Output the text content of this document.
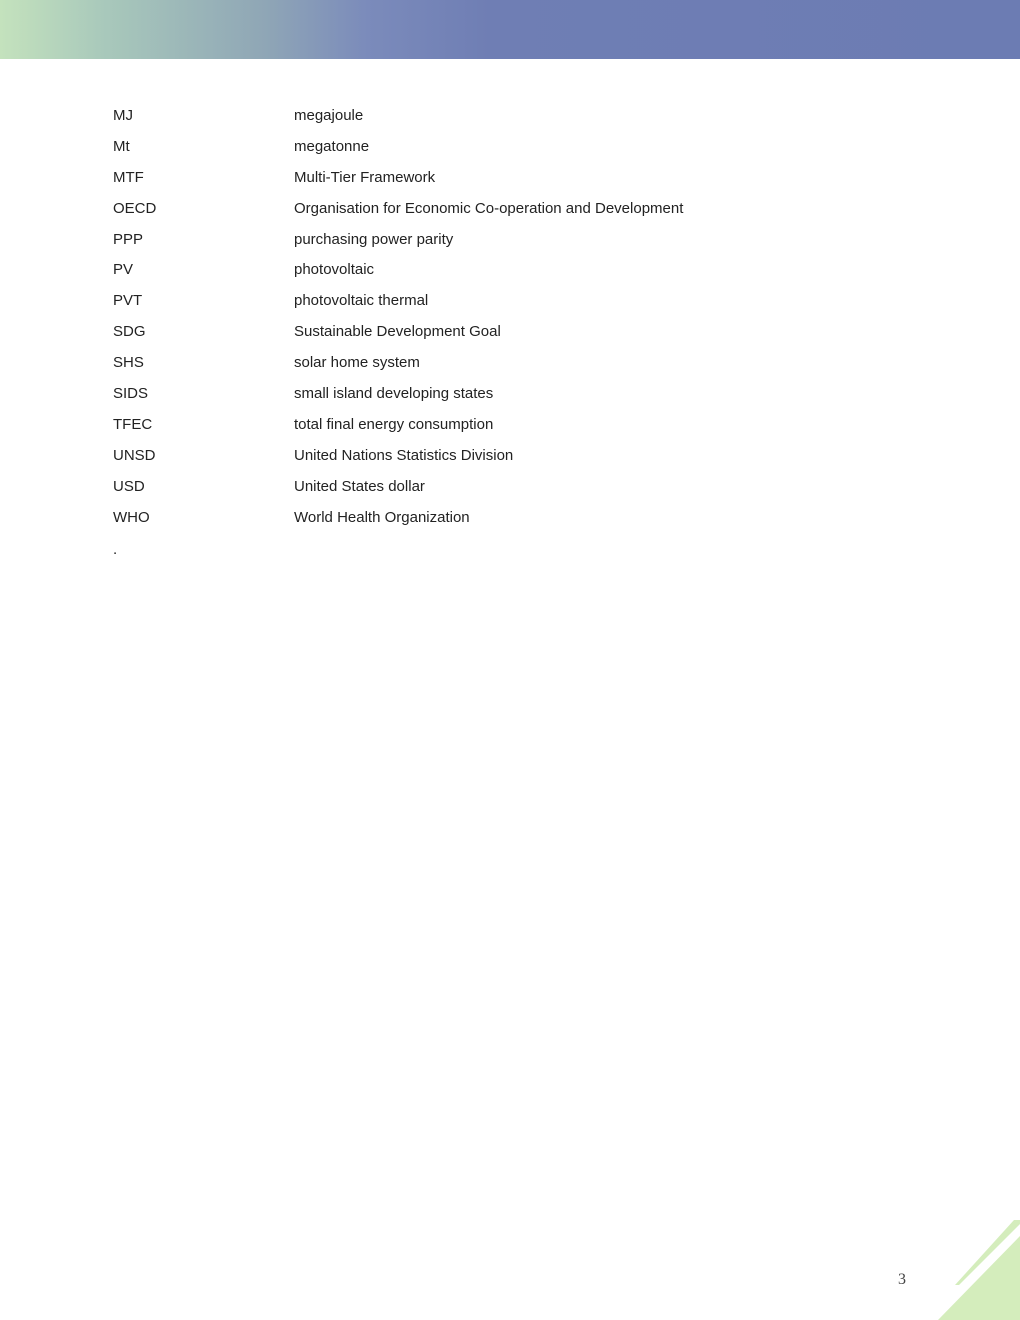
MJ	megajoule
Mt	megatonne
MTF	Multi-Tier Framework
OECD	Organisation for Economic Co-operation and Development
PPP	purchasing power parity
PV	photovoltaic
PVT	photovoltaic thermal
SDG	Sustainable Development Goal
SHS	solar home system
SIDS	small island developing states
TFEC	total final energy consumption
UNSD	United Nations Statistics Division
USD	United States dollar
WHO	World Health Organization
.
3
